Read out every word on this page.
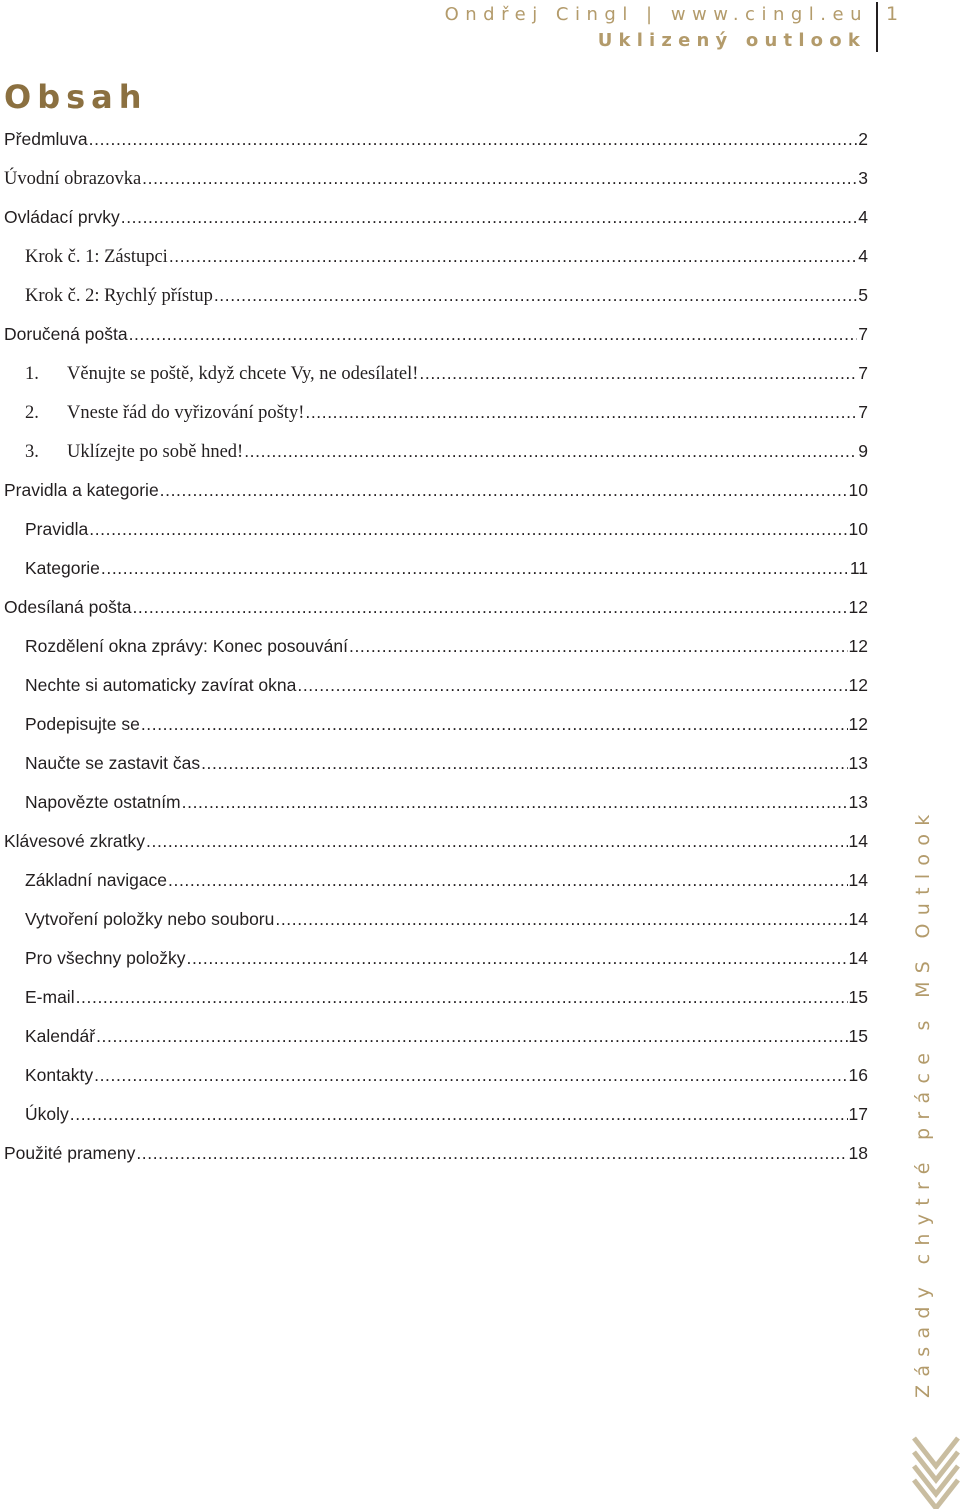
Ondřej Cingl | www.cingl.eu
Uklizený outlook
1
Obsah
Předmluva .....	2
Úvodní obrazovka .....	3
Ovládací prvky .....	4
Krok č. 1: Zástupci .....	4
Krok č. 2: Rychlý přístup .....	5
Doručená pošta .....	7
1.	Věnujte se poště, když chcete Vy, ne odesílatel! .....	7
2.	Vneste řád do vyřizování pošty! .....	7
3.	Uklízejte po sobě hned! .....	9
Pravidla a kategorie .....	10
Pravidla .....	10
Kategorie .....	11
Odesílaná pošta .....	12
Rozdělení okna zprávy: Konec posouvání .....	12
Nechte si automaticky zavírat okna .....	12
Podepisujte se .....	12
Naučte se zastavit čas .....	13
Napovězte ostatním .....	13
Klávesové zkratky .....	14
Základní navigace .....	14
Vytvoření položky nebo souboru .....	14
Pro všechny položky .....	14
E-mail .....	15
Kalendář .....	15
Kontakty .....	16
Úkoly .....	17
Použité prameny .....	18 Zásady chytré práce s MS Outlook
